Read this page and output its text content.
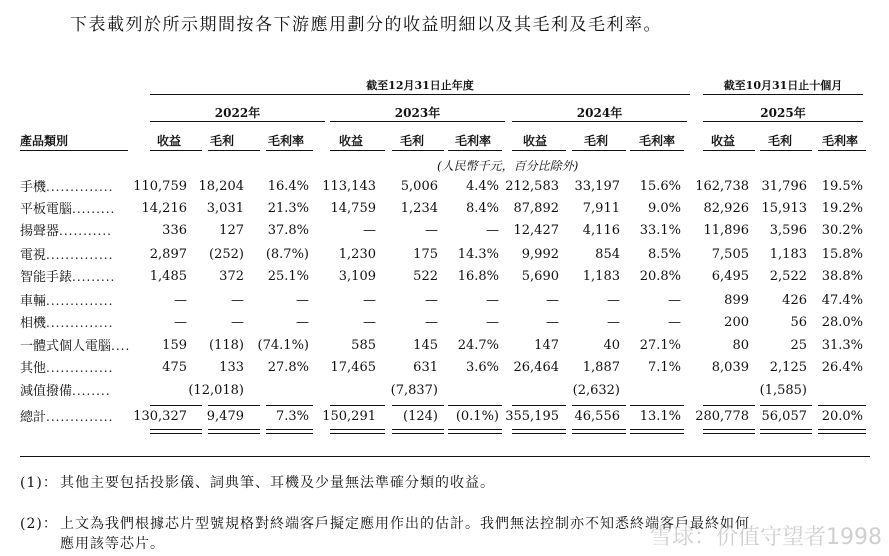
下表載列於所示期間按各下游應用劃分的收益明細以及其毛利及毛利率。
截至12月31日止年度	截至10月31日止十個月
2022年	2023年	2024年	2025年
產品類別	收益	毛利	毛利率	收益	毛利	毛利率	收益	毛利	毛利率	收益	毛利	毛利率
(人民幣千元，百分比除外)
手機.............. 110,759 18,204 16.4% 113,143 5,006 4.4% 212,583 33,197 15.6% 162,738 31,796 19.5%
平板電腦......... 14,216 3,031 21.3% 14,759 1,234 8.4% 87,892 7,911 9.0% 82,926 15,913 19.2%
揚聲器...........	336 127 37.8%	—	—	— 12,427 4,116 33.1% 11,896 3,596 30.2%
電視..............	2,897 (252) (8.7%) 1,230	175 14.3% 9,992	854 8.5% 7,505 1,183 15.8%
智能手錶.........	1,485 372 25.1% 3,109	522 16.8% 5,690 1,183 20.8% 6,495 2,522 38.8%
車輛..............	—	—	—	—	—	—	—	—	—	899	426 47.4%
相機..............	—	—	—	—	—	—	—	—	—	200	56 28.0%
一體式個人電腦.... 159 (118) (74.1%)	585	145 24.7%	147	40 27.1%	80	25 31.3%
其他..............	475 133 27.8% 17,465	631 3.6% 26,464 1,887 7.1% 8,039 2,125 26.4%
減值撥備........	(12,018)	(7,837)	(2,632)	(1,585)
總計.............. 130,327 9,479 7.3% 150,291 (124) (0.1%) 355,195 46,556 13.1% 280,778 56,057 20.0%
(1)： 其他主要包括投影儀、詞典筆、耳機及少量無法準確分類的收益。
(2)： 上文為我們根據芯片型號規格對終端客戶擬定應用作出的估計。我們無法控制亦不知悉終端客戶最終如何
應用該等芯片。	雪球：价值守望者1998
